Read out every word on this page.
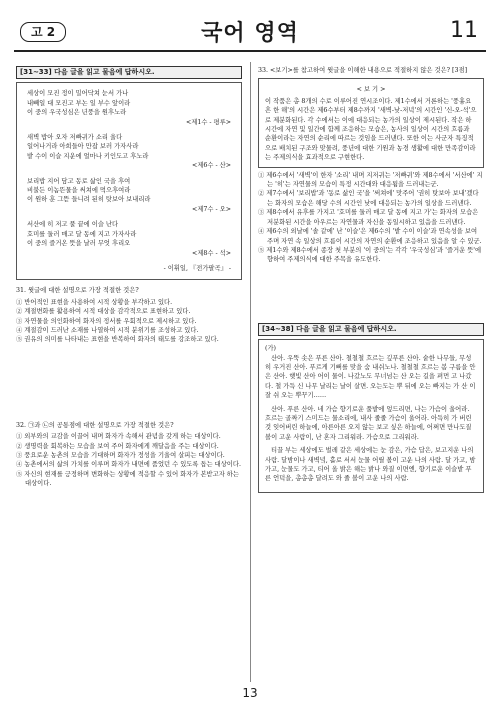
고 2	국어 영역	11
[31~33] 다음 글을 읽고 물음에 답하시오.
세상이 모진 정이 밀어닥쳐 눈서 가나
내빼일 대 모진고 부논 일 부수 앞이라
이 중의 우국성심은 년풍을 원후노라
<제1수 - 평루>
새벽 밥아 오자 저빠귀가 소리 울다
일어나거라 아희들아 만잡 보러 가자사라
밭 수이 이슬 지운에 얼마나 키인도고 후노라
<제6수 - 산>
보리밥 지어 담고 동로 삶인 국을 후여
비불든 이놈뜬물을 써쳐에 먹으후여라
이 원하 훈 그뜯 들니려 된히 탓보아 보내리라
<제7수 - 오>
서산에 히 저고 풀 끝에 이슬 난다
호미를 둘러 매고 달 동에 지고 가자사라
이 중의 즐거온 뜻을 날러 무엇 후리오
<제8수 - 석>
- 이휘일, 『전가팔곡』 -
31. 윗글에 대한 설명으로 가장 적절한 것은?
① 반어적인 표현을 사용하여 시적 상황을 부각하고 있다.
② 계절변화를 활용하여 시적 대상을 감각적으로 표현하고 있다.
③ 자연물을 의인화하여 화자의 정서를 우회적으로 제시하고 있다.
④ 계절감이 드러난 소재를 나열하여 시적 분위기를 조성하고 있다.
⑤ 권유의 의미를 나타내는 표현을 반복하여 화자의 태도를 강조하고 있다.
32. ㉠과 ㉡의 공통점에 대한 설명으로 가장 적절한 것은?
① 외부와의 교감을 이끌어 내며 화자가 속해서 관념을 갖게 하는 대상이다.
② 생명력을 회복하는 모습을 보여 주어 화자에게 깨달음을 주는 대상이다.
③ 풍요로운 농촌의 모습을 기대하며 화자가 정성을 기울여 살피는 대상이다.
④ 농촌에서의 삶의 가치를 이루며 화자가 내면에 품었던 수 있도록 돕는 대상이다.
⑤ 자신의 현재를 긍정하며 변화하는 상황에 적응할 수 있어 화자가 본받고자 하는 대상이다.
33. <보기>를 참고하여 윗글을 이해한 내용으로 적절하지 않은 것은? [3점]
< 보 기 >
이 작품은 총 8개의 수로 이루어진 연시조이다. 제1수에서 거론하는 '풍흉요흔 한 해'의 시간은 제6수부터 제8수까지 '새벽-낮-저녁'의 시간인 '신-오-석'으로 제분화된다. 각 수에서는 이에 대응되는 농가의 일상이 제시된다. 작은 하시간에 자연 및 일간에 함께 조응하는 모습은, 농사의 일상이 시간의 흐름과 순환이라는 자연의 순리에 따르는 것임을 드러낸다. 또한 이는 사군자 특징적으로 배치된 구조와 맞물려, 풍년에 대한 기원과 농경 생활에 대한 만족감이라는 주제의식을 효과적으로 구현한다.
① 제6수에서 '새벽'이 한자 '소리' 내며 지저귀는 '저빠귀'와 제8수에서 '서산에' 지는 '히'는 자연물의 모습이 특정 시간대와 대응됨을 드러내는군.
② 제7수에서 '보리밥'과 '동로 삶인 국'을 '써쳐에' 맛주어 '권히 탓보아 보내'겠다는 화자의 모습은 해당 수의 시간인 낮에 대응되는 농가의 일상을 드러낸다.
③ 제8수에서 유후를 가지고 '호미를 둘러 매고 달 동에 지고 가'는 화자의 모습은 저분화된 시간을 아우르는 자연물과 자신을 동일시하고 있음을 드러낸다.
④ 제6수의 외날에 '솔 같에' 난 '이슬'은 제6수의 '밭 수이 이슬'과 연속성을 보여 주며 자연 속 일상의 흐름이 시간의 자연의 순환에 조응하고 있음을 알 수 있군.
⑤ 제1수와 제8수에서 종장 첫 부분의 '이 중의'는 각각 '우국성심'과 '즐거운 뜻'에 향하여 주제의식에 대한 주목을 유도한다.
[34~38] 다음 글을 읽고 물음에 답하시오.
(가)
산아. 우뚝 솟은 푸른 산아. 철철철 흐르는 깊푸른 산아. 숱한 나무들, 무성히 우거진 산아. 푸르게 기뻐를 맞을 숨 내쉬노나. 철철철 흐르는 봄 구름을 안은 산아. 햇빛 산아 어이 물이. 나갔노도 무너넘는 산 오는 길을 펴먼 고 나갔다. 철 가득 신 나무 날리는 날이 살면. 오는도는 뿌 뒤에 오는 빠지는 가 산 이 잘 쉬 오는 뿌꾸기……
산아. 푸른 산아. 네 가슴 향기로운 풀밭에 엎드리면, 나는 가슴이 울어라. 흐르는 골짜기 스미드는 물소리에, 내사 줄줄 가슴이 울어라. 아득히 가 버린 것 잊어버린 하늘에, 아른아른 오지 않는 보고 싶은 하늘에, 어쩌면 만나도질 볼이 고운 사람이, 난 혼자 그리워라. 가슴으로 그리워라.
티끌 부는 세상에도 벌레 같은 세상에는 눈 감은, 가슴 답은, 보고지운 나의 사람. 달밤이나 새벽녘, 홀로 서서 눈물 어릴 볼이 고운 나의 사람. 달 가고, 밤 가고, 눈물도 가고, 티어 올 밝은 해는 밝나 와질 이면엔, 향기로운 이슬밭 푸른 언덕을, 총총총 달려도 와 줄 볼이 고운 나의 사람.
13
